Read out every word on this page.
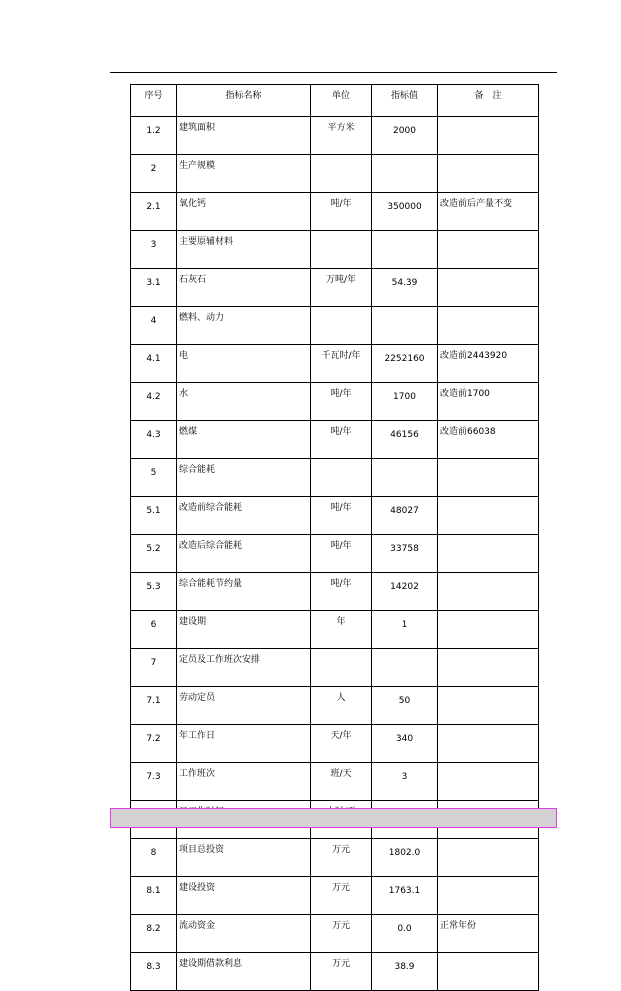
序号	指标名称	单位	指标值	备　注
1.2	建筑面积	平方米	2000	
2	生产规模			
2.1	氧化钙	吨/年	350000	改造前后产量不变
3	主要原辅材料			
3.1	石灰石	万吨/年	54.39	
4	燃料、动力			
4.1	电	千瓦时/年	2252160	改造前2443920
4.2	水	吨/年	1700	改造前1700
4.3	燃煤	吨/年	46156	改造前66038
5	综合能耗			
5.1	改造前综合能耗	吨/年	48027	
5.2	改造后综合能耗	吨/年	33758	
5.3	综合能耗节约量	吨/年	14202	
6	建设期	年	1	
7	定员及工作班次安排			
7.1	劳动定员	人	50	
7.2	年工作日	天/年	340	
7.3	工作班次	班/天	3	

8	项目总投资	万元	1802.0	
8.1	建设投资	万元	1763.1	
8.2	流动资金	万元	0.0	正常年份
8.3	建设期借款利息	万元	38.9	
